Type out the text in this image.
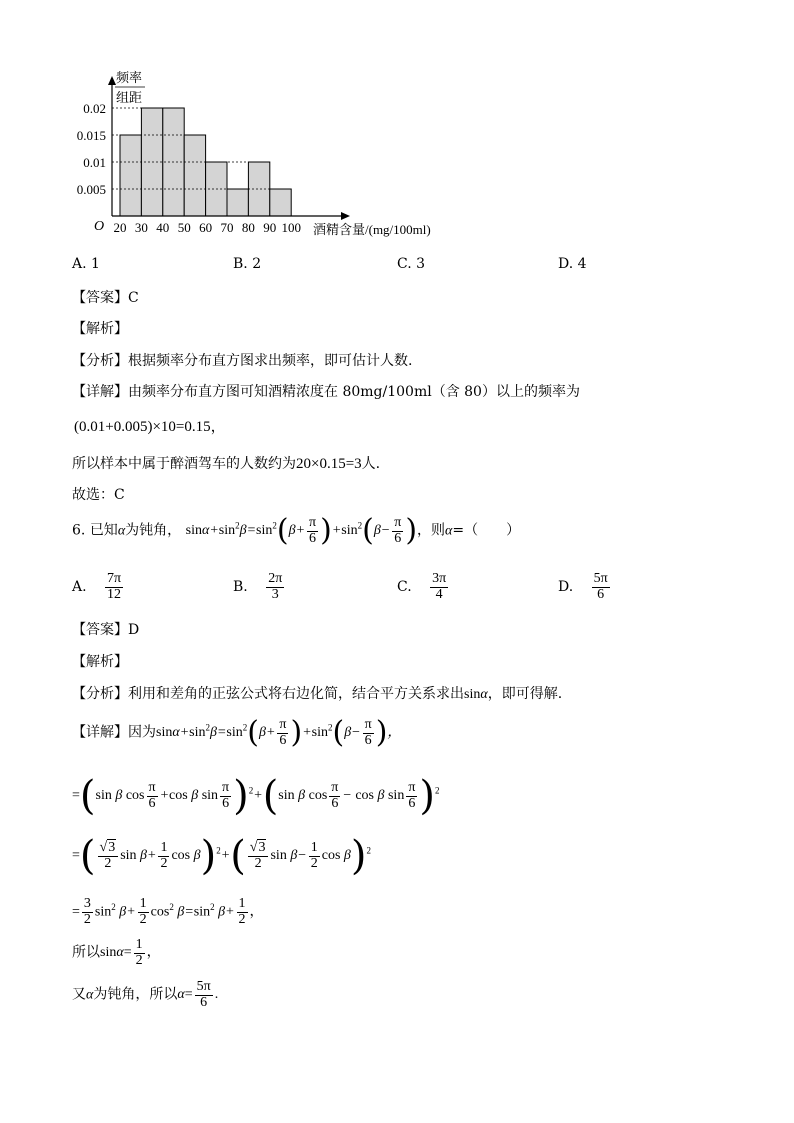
频率
组距
0.005
0.01
0.015
0.02
20 30 40 50 60 70 80 90 100
O	酒精含量/(mg/100ml)
A. 1	B. 2	C. 3	D. 4
【答案】C
【解析】
【分析】根据频率分布直方图求出频率，即可估计人数.
【详解】由频率分布直方图可知酒精浓度在 80mg/100ml（含 80）以上的频率为
(0.01+0.005)×10=0.15，
所以样本中属于醉酒驾车的人数约为20×0.15=3人.
故选：C
6. 已知α为钝角， $\sin\alpha+\sin^2\beta=\sin^2(\beta+ \frac{\pi}{6} )+\sin^2(\beta- \frac{\pi}{6}$ )，则α=（　　）
A. $\frac{7\pi}{12}$	B. $\frac{2\pi}{3}$	C. $\frac{3\pi}{4}$	D. $\frac{5\pi}{6}$
【答案】D
【解析】
【分析】利用和差角的正弦公式将右边化简，结合平方关系求出sinα，即可得解.
【详解】因为$\sin\alpha+\sin^2\beta=\sin^2(\beta+ \frac{\pi}{6} )+\sin^2(\beta- \frac{\pi}{6}$ )，
=(sin β $\cos \frac{\pi}{6} +\cos$ β $\sin \frac{\pi}{6} )^2+(\sin$ β $\cos \frac{\pi}{6} - \cos \beta$ $\sin \frac{\pi}{6} )^2$
=( $\frac{√3}{2}$ $\sin \beta+ \frac{1}{2}$ $\cos \beta)^2+( \frac{√3}{2}$ $\sin \beta- \frac{1}{2}$ $\cos \beta)^2$
= $\frac{3}{2} \sin^2 \beta+ \frac{1}{2} \cos^2 \beta=\sin^2$ $\beta+ \frac{1}{2}$ ，
所以$\sin\alpha= \frac{1}{2}$ ，
又α为钝角，所以$\alpha= \frac{5\pi}{6}$ .
